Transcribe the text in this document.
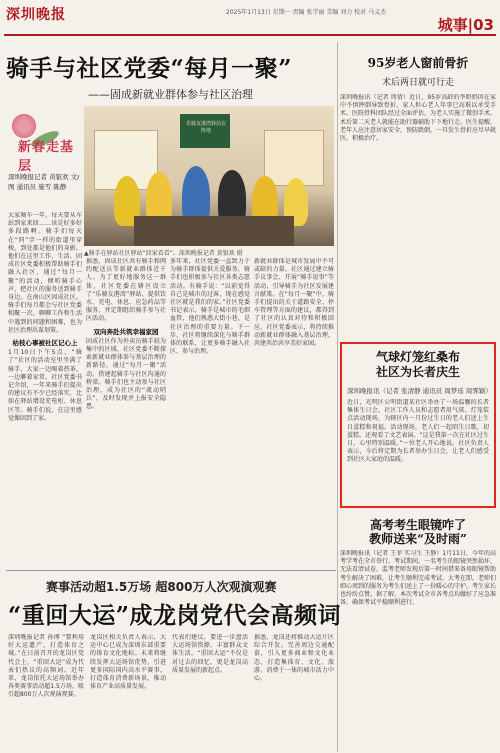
深圳晚报	2025年1月13日 星期一 责编 张学丽 美编 刘力 校对 马义杰
城事|03
骑手与社区党委“每月一聚”
——固成新就业群体参与社区治理
新春走基层
深圳晚报记者 黄银欢 文/图 通讯员 施雪 陈静
乐骑友港湾驿站在阵地
▲骑手在驿站社区驿站“回家看看”。深圳晚报记者 黄银欢 摄

大家骑车一年，每天要从车站到家来回……该是好多好多段路啊。骑手们每天在“同”字一样的街道里穿梭，到处都是他们的身影，他们在这里工作、生活。固成社区党委积极帮助骑手们融入社区，通过“每月一聚”的活动，倾听骑手心声，把社区的服务送到骑手身边。在南山区固成社区，骑手们每月都会与社区党委相聚一次，聊聊工作和生活中遇到的问题和困难，也为社区治理出谋划策。

枯枝心事被社区记心上

1月10日下午5点，“骑了”社区的活动室里坐满了骑手，大家一边喝着热茶，一边聊着家常。社区党委书记介绍，一年来骑手们提出的建议有不少已经落实，比如在驿站增设充电柜、休息区等。骑手们说，在这里感觉像回到了家。

据悉，固成社区共有骑手和网约配送员等新就业群体近千人。为了更好地服务这一群体，社区党委在辖区设立了“乐骑友港湾”驿站，提供饮水、充电、休息、应急药品等服务，并定期组织骑手参与社区活动。

双向奔赴共筑幸福家园

固成社区作为外卖员骑手较为集中的区域，社区党委不断探索新就业群体参与基层治理的新路径，通过“每月一聚”活动，搭建起骑手与社区沟通的桥梁。骑手们也主动参与社区治理，成为社区的“流动哨兵”，及时发现并上报安全隐患。

多年来，社区党委一直致力于为骑手群体提供关爱服务，骑手们也积极参与社区各类志愿活动。有骑手说：“以前觉得自己是城市的过客，现在感觉社区就是我们的家。”社区党委书记表示，骑手是城市的毛细血管，他们熟悉大街小巷，是社区治理的重要力量。下一步，社区将继续深化与骑手群体的联系，让更多骑手融入社区、参与治理。

新就业群体是城市发展中不可或缺的力量。社区通过建立骑手议事会、开展“骑手说事”等活动，引导骑手为社区发展建言献策。在“每月一聚”中，骑手们提出的关于道路安全、停车管理等方面的建议，都得到了社区的认真对待和积极回应。社区党委表示，将持续推动新就业群体融入基层治理，共建共治共享美好家园。

赛事活动超1.5万场 超800万人次观演观赛
“重回大运”成龙岗党代会高频词

深圳晚报记者 孙博 “要利用好大运遗产，打造体育之城。”在日前召开的龙岗区党代会上，“重回大运”成为代表们热议的高频词。近年来，龙岗依托大运场馆举办各类赛事活动超1.5万场，吸引超800万人次观演观赛。

龙岗区相关负责人表示，大运中心已成为深圳东部重要的体育文化地标。未来将继续发挥大运场馆优势，引进更多国际国内高水平赛事，打造体育消费新场景，推动体育产业高质量发展。

代表们建议，要进一步盘活大运场馆资源，丰富群众文体生活。“重回大运”不仅是对过去的回忆，更是龙岗高质量发展的新起点。

据悉，龙岗还将推动大运片区综合开发，完善周边交通配套，引入更多商业和文化业态，打造集体育、文化、旅游、消费于一体的城市活力中心。

95岁老人窗前骨折
术后两日就可行走
深圳晚报讯（记者 周倩）近日，95岁高龄的李奶奶因在家中不慎摔倒导致骨折，家人担心老人年事已高难以承受手术。医院骨科团队经过全面评估，为老人实施了微创手术，术后第二天老人就能在助行器辅助下下地行走。医生提醒，老年人应注意居家安全，预防跌倒，一旦发生骨折应尽早就医，积极治疗。
气球灯笼红桑布
社区为长者庆生
深圳晚报讯（记者 张清静 通讯员 周梦瑶 周霁颖）
近日，光明区公明街道某社区举办了一场温馨的长者集体生日会。社区工作人员和志愿者用气球、灯笼装点活动现场，为辖区内一月份过生日的老人们送上生日蛋糕和祝福。活动现场，老人们一起唱生日歌、切蛋糕，还观看了文艺表演。“这是我第一次在社区过生日，心里特别温暖。”一位老人开心地说。社区负责人表示，今后将定期为长者举办生日会，让老人们感受到社区大家庭的温暖。
高考考生眼镜咋了
教师送来“及时雨”
深圳晚报讯（记者 王菲 实习生 王静）1月11日，今年的高考学考在全市举行。考试期间，一名考生的眼镜突然损坏，无法看清试卷，监考老师发现后第一时间借来备用眼镜帮助考生解决了困难，让考生顺利完成考试。大考在即，老师们细心周到的服务为考生们送上了一份暖心的守护，考生家长也纷纷点赞。据了解，本次考试全市各考点均做好了应急准备，确保考试平稳顺利进行。
